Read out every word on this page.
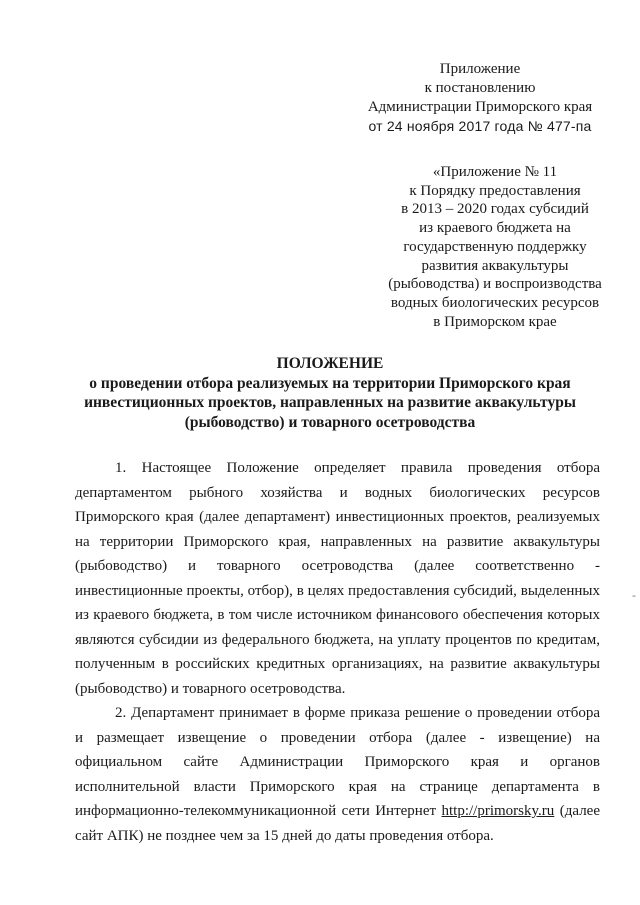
Приложение
к постановлению
Администрации Приморского края
от 24 ноября 2017 года № 477-па
«Приложение № 11
к Порядку предоставления
в 2013 – 2020 годах субсидий
из краевого бюджета на
государственную поддержку
развития аквакультуры
(рыбоводства) и воспроизводства
водных биологических ресурсов
в Приморском крае
ПОЛОЖЕНИЕ
о проведении отбора реализуемых на территории Приморского края
инвестиционных проектов, направленных на развитие аквакультуры
(рыбоводство) и товарного осетроводства

1. Настоящее Положение определяет правила проведения отбора департаментом рыбного хозяйства и водных биологических ресурсов Приморского края (далее департамент) инвестиционных проектов, реализуемых на территории Приморского края, направленных на развитие аквакультуры (рыбоводство) и товарного осетроводства (далее соответственно - инвестиционные проекты, отбор), в целях предоставления субсидий, выделенных из краевого бюджета, в том числе источником финансового обеспечения которых являются субсидии из федерального бюджета, на уплату процентов по кредитам, полученным в российских кредитных организациях, на развитие аквакультуры (рыбоводство) и товарного осетроводства.

2. Департамент принимает в форме приказа решение о проведении отбора и размещает извещение о проведении отбора (далее - извещение) на официальном сайте Администрации Приморского края и органов исполнительной власти Приморского края на странице департамента в информационно-телекоммуникационной сети Интернет http://primorsky.ru (далее сайт АПК) не позднее чем за 15 дней до даты проведения отбора.

-
